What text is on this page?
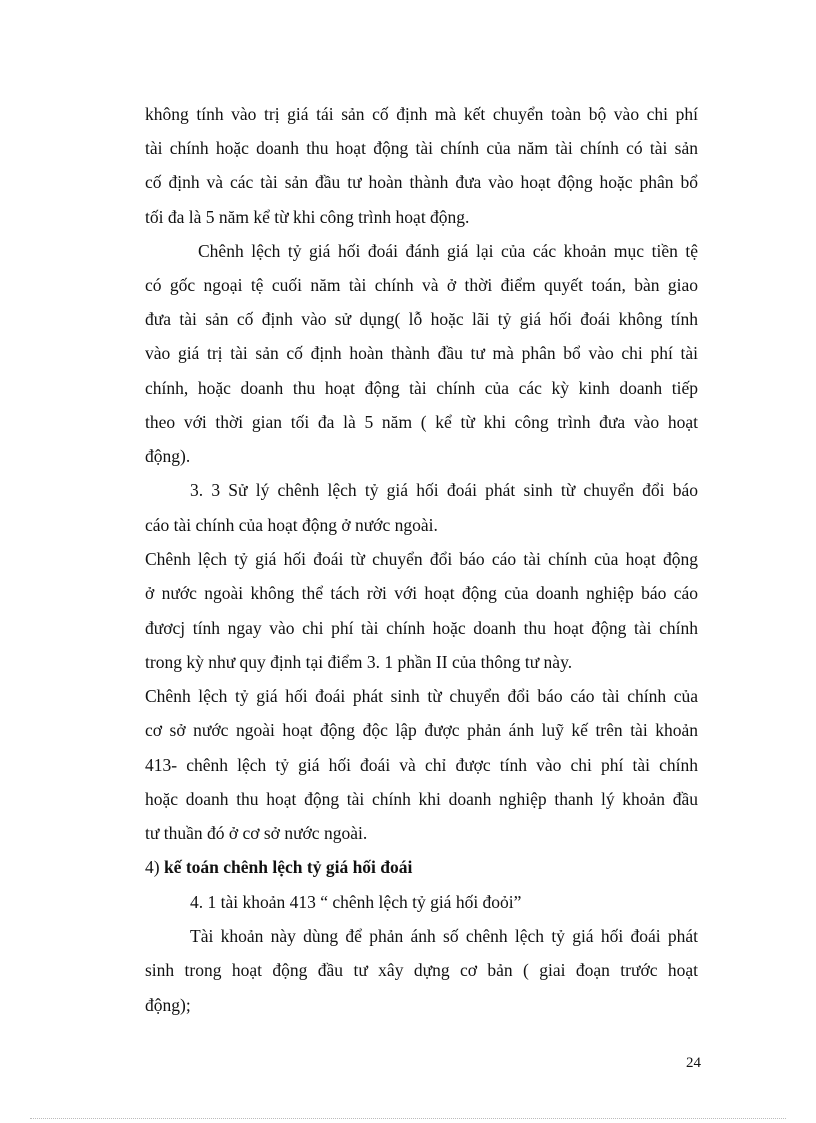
không tính vào trị giá tái sản cố định mà kết chuyển toàn bộ vào chi phí
tài chính hoặc doanh thu hoạt động tài chính của năm tài chính có tài sản
cố định và các tài sản đầu tư hoàn thành đưa vào hoạt động hoặc phân bổ
tối đa là 5 năm kể từ khi công trình hoạt động.
Chênh lệch tỷ giá hối đoái đánh giá lại của các khoản mục tiền tệ
có gốc ngoại tệ cuối năm tài chính và ở thời điểm quyết toán, bàn giao
đưa tài sản cố định vào sử dụng( lỗ hoặc lãi tỷ giá hối đoái không tính
vào giá trị tài sản cố định hoàn thành đầu tư mà phân bổ vào chi phí tài
chính, hoặc doanh thu hoạt động tài chính của các kỳ kinh doanh tiếp
theo với thời gian tối đa là 5 năm ( kể từ khi công trình đưa vào hoạt
động).
3. 3 Sử lý chênh lệch tỷ giá hối đoái phát sinh từ chuyển đổi báo
cáo tài chính của hoạt động ở nước ngoài.
Chênh lệch tỷ giá hối đoái từ chuyển đổi báo cáo tài chính của hoạt động
ở nước ngoài không thể tách rời với hoạt động của doanh nghiệp báo cáo
đươcj tính ngay vào chi phí tài chính hoặc doanh thu hoạt động tài chính
trong kỳ như quy định tại điểm 3. 1 phần II của thông tư này.
Chênh lệch tỷ giá hối đoái phát sinh từ chuyển đổi báo cáo tài chính của
cơ sở nước ngoài hoạt động độc lập được phản ánh luỹ kế trên tài khoản
413- chênh lệch tỷ giá hối đoái và chỉ được tính vào chi phí tài chính
hoặc doanh thu hoạt động tài chính khi doanh nghiệp thanh lý khoản đầu
tư thuần đó ở cơ sở nước ngoài.
4) kế toán chênh lệch tỷ giá hối đoái
4. 1 tài khoản 413 “ chênh lệch tỷ giá hối đoỏi”
Tài khoản này dùng để phản ánh số chênh lệch tỷ giá hối đoái phát
sinh trong hoạt động đầu tư xây dựng cơ bản ( giai đoạn trước hoạt
động);
24
